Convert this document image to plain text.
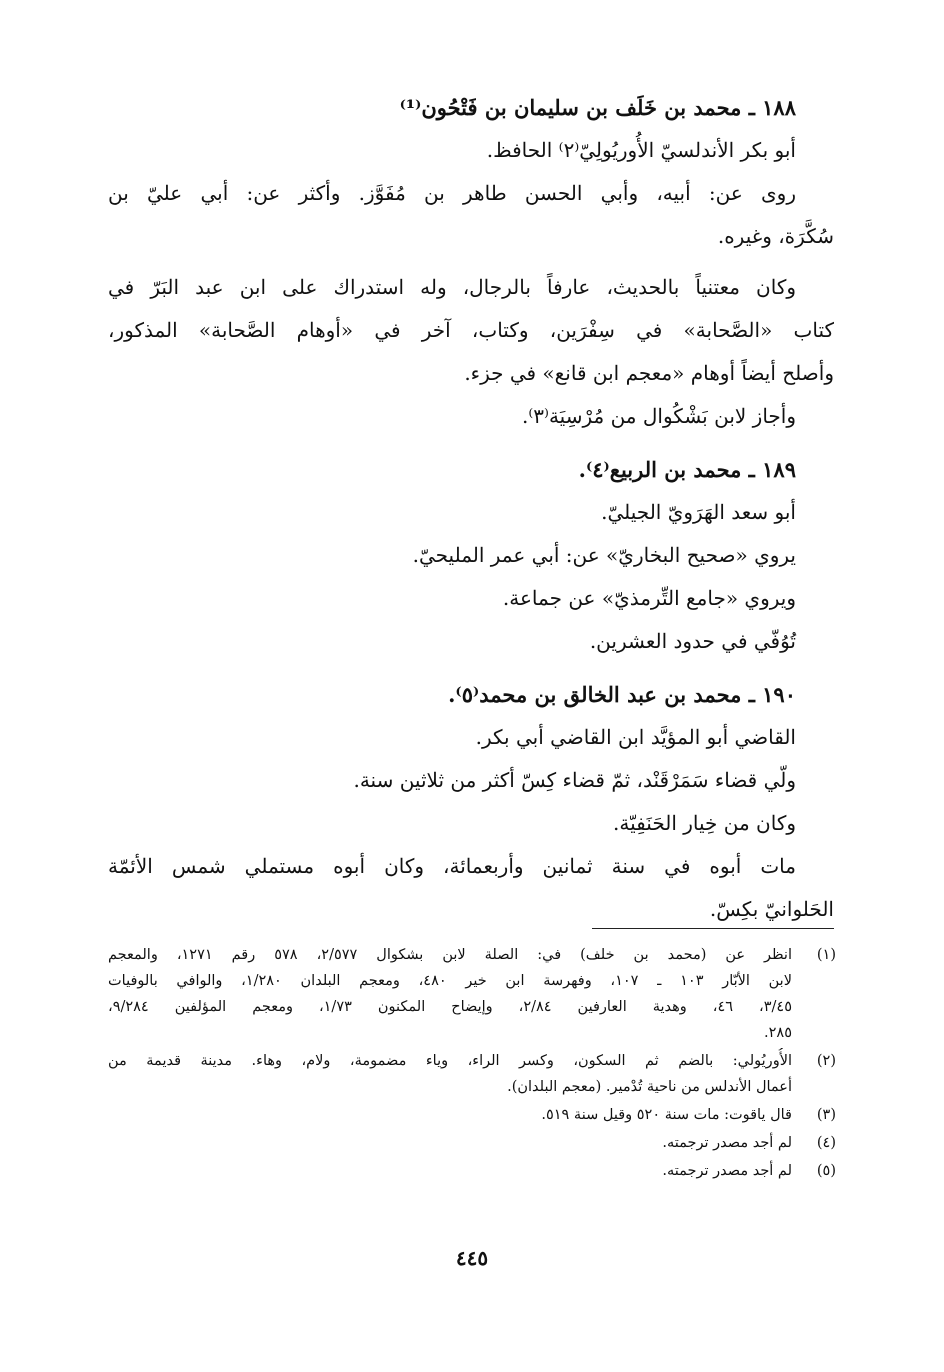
١٨٨ ـ محمد بن خَلَف بن سليمان بن فَتْحُون⁽¹⁾
أبو بكر الأندلسيّ الأُوريُولِيّ⁽٢⁾ الحافظ.
روى عن: أبيه، وأبي الحسن طاهر بن مُفَوَّز. وأكثر عن: أبي عليّ بن
سُكَّرَة، وغيره.
وكان معتنياً بالحديث، عارفاً بالرجال، وله استدراك على ابن عبد البَرّ في
كتاب «الصَّحابة» في سِفْرَين، وكتاب، آخر في «أوهام الصَّحابة» المذكور،
وأصلح أيضاً أوهام «معجم ابن قانع» في جزء.
وأجاز لابن بَشْكُوال من مُرْسِيَة⁽٣⁾.
١٨٩ ـ محمد بن الربيع⁽٤⁾.
أبو سعد الهَرَويّ الجيليّ.
يروي «صحيح البخاريّ» عن: أبي عمر المليحيّ.
ويروي «جامع التِّرمذيّ» عن جماعة.
تُوُفّي في حدود العشرين.
١٩٠ ـ محمد بن عبد الخالق بن محمد⁽٥⁾.
القاضي أبو المؤيَّد ابن القاضي أبي بكر.
ولّي قضاء سَمَرْقَنْد، ثمّ قضاء كِسّ أكثر من ثلاثين سنة.
وكان من خِيار الحَنَفِيّة.
مات أبوه في سنة ثمانين وأربعمائة، وكان أبوه مستملي شمس الأئمّة
الحَلوانيّ بكِسّ.
(١)
انظر عن (محمد بن خلف) في: الصلة لابن بشكوال ٢/٥٧٧، ٥٧٨ رقم ١٢٧١، والمعجم
لابن الأبّار ١٠٣ ـ ١٠٧، وفهرسة ابن خير ٤٨٠، ومعجم البلدان ١/٢٨٠، والوافي بالوفيات
٣/٤٥، ٤٦، وهدية العارفين ٢/٨٤، وإيضاح المكنون ١/٧٣، ومعجم المؤلفين ٩/٢٨٤،
٢٨٥.
(٢)
الأُوريُولي: بالضم ثم السكون، وكسر الراء، وياء مضمومة، ولام، وهاء. مدينة قديمة من
أعمال الأندلس من ناحية تُدْمير. (معجم البلدان).
(٣)
قال ياقوت: مات سنة ٥٢٠ وقيل سنة ٥١٩.
(٤)
لم أجد مصدر ترجمته.
(٥)
لم أجد مصدر ترجمته.
٤٤٥
